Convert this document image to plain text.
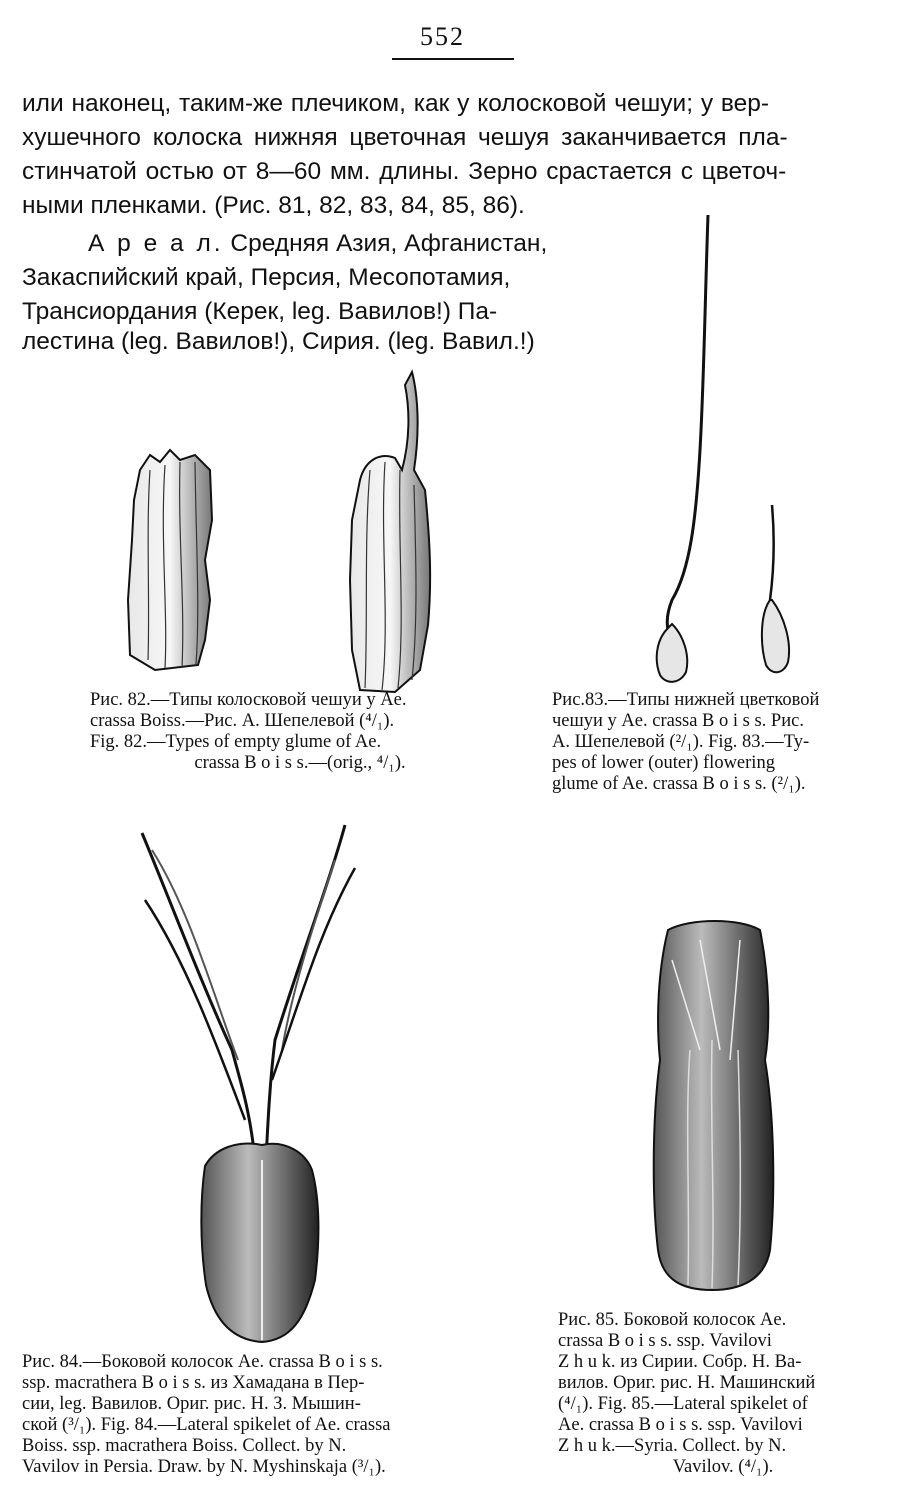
552
или наконец, таким-же плечиком, как у колосковой чешуи; у вер-
хушечного колоска нижняя цветочная чешуя заканчивается пла-
стинчатой остью от 8—60 мм. длины. Зерно срастается с цветоч-
ными пленками. (Рис. 81, 82, 83, 84, 85, 86).
А р е а л. Средняя Азия, Афганистан,
Закаспийский край, Персия, Месопотамия,
Трансиордания (Керек, leg. Вавилов!) Па-
лестина (leg. Вавилов!), Сирия. (leg. Вавил.!)
Рис. 82.—Типы колосковой чешуи у Ae.
crassa Boiss.—Рис. А. Шепелевой (⁴/₁).
Fig. 82.—Types of empty glume of Ae.
crassa B o i s s.—(orig., ⁴/₁).
Рис.83.—Типы нижней цветковой
чешуи у Ae. crassa B o i s s. Рис.
А. Шепелевой (²/₁). Fig. 83.—Ty-
pes of lower (outer) flowering
glume of Ae. crassa B o i s s. (²/₁).
Рис. 84.—Боковой колосок Ae. crassa B o i s s.
ssp. macrathera B o i s s. из Хамадана в Пер-
сии, leg. Вавилов. Ориг. рис. Н. З. Мышин-
ской (³/₁). Fig. 84.—Lateral spikelet of Ae. crassa
Boiss. ssp. macrathera Boiss. Collect. by N.
Vavilov in Persia. Draw. by N. Myshinskaja (³/₁).
Рис. 85. Боковой колосок Ae.
crassa B o i s s. ssp. Vavilovi
Z h u k. из Сирии. Собр. Н. Ва-
вилов. Ориг. рис. Н. Машинский
(⁴/₁). Fig. 85.—Lateral spikelet of
Ae. crassa B o i s s. ssp. Vavilovi
Z h u k.—Syria. Collect. by N.
Vavilov. (⁴/₁).
